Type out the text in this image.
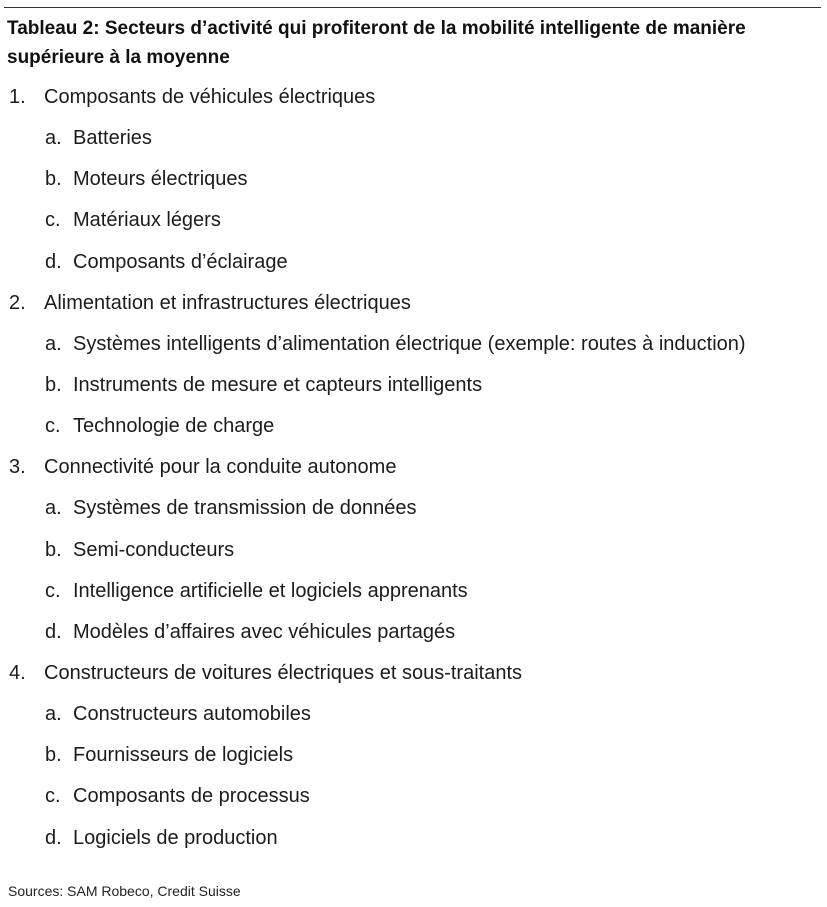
Tableau 2: Secteurs d’activité qui profiteront de la mobilité intelligente de manière supérieure à la moyenne
1. Composants de véhicules électriques
a. Batteries
b. Moteurs électriques
c. Matériaux légers
d. Composants d’éclairage
2. Alimentation et infrastructures électriques
a. Systèmes intelligents d’alimentation électrique (exemple: routes à induction)
b. Instruments de mesure et capteurs intelligents
c. Technologie de charge
3. Connectivité pour la conduite autonome
a. Systèmes de transmission de données
b. Semi-conducteurs
c. Intelligence artificielle et logiciels apprenants
d. Modèles d’affaires avec véhicules partagés
4. Constructeurs de voitures électriques et sous-traitants
a. Constructeurs automobiles
b. Fournisseurs de logiciels
c. Composants de processus
d. Logiciels de production
Sources: SAM Robeco, Credit Suisse
